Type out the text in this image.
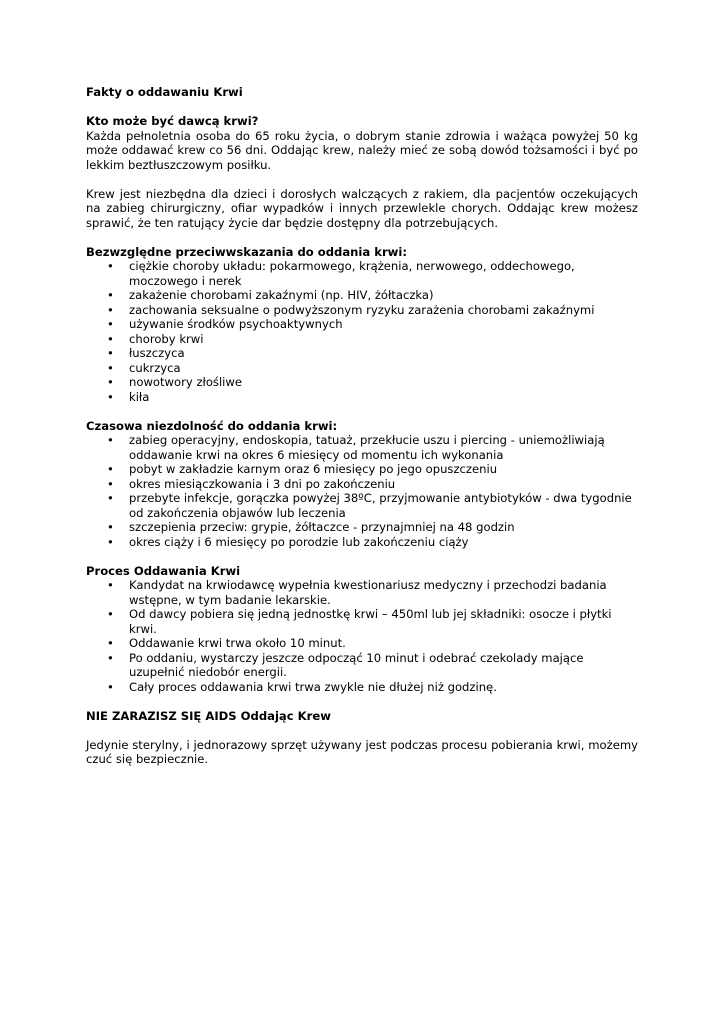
Fakty o oddawaniu Krwi

Kto może być dawcą krwi?

Każda pełnoletnia osoba do 65 roku życia, o dobrym stanie zdrowia i ważąca powyżej 50 kg może oddawać krew co 56 dni. Oddając krew, należy mieć ze sobą dowód tożsamości i być po lekkim beztłuszczowym posiłku.

Krew jest niezbędna dla dzieci i dorosłych walczących z rakiem, dla pacjentów oczekujących na zabieg chirurgiczny, ofiar wypadków i innych przewlekle chorych. Oddając krew możesz sprawić, że ten ratujący życie dar będzie dostępny dla potrzebujących.

Bezwzględne przeciwwskazania do oddania krwi:

• ciężkie choroby układu: pokarmowego, krążenia, nerwowego, oddechowego, moczowego i nerek
• zakażenie chorobami zakaźnymi (np. HIV, żółtaczka)
• zachowania seksualne o podwyższonym ryzyku zarażenia chorobami zakaźnymi
• używanie środków psychoaktywnych
• choroby krwi
• łuszczyca
• cukrzyca
• nowotwory złośliwe
• kiła

Czasowa niezdolność do oddania krwi:

• zabieg operacyjny, endoskopia, tatuaż, przekłucie uszu i piercing - uniemożliwiają oddawanie krwi na okres 6 miesięcy od momentu ich wykonania
• pobyt w zakładzie karnym oraz 6 miesięcy po jego opuszczeniu
• okres miesiączkowania i 3 dni po zakończeniu
• przebyte infekcje, gorączka powyżej 38ºC, przyjmowanie antybiotyków - dwa tygodnie od zakończenia objawów lub leczenia
• szczepienia przeciw: grypie, żółtaczce - przynajmniej na 48 godzin
• okres ciąży i 6 miesięcy po porodzie lub zakończeniu ciąży

Proces Oddawania Krwi

• Kandydat na krwiodawcę wypełnia kwestionariusz medyczny i przechodzi badania wstępne, w tym badanie lekarskie.
• Od dawcy pobiera się jedną jednostkę krwi – 450ml lub jej składniki: osocze i płytki krwi.
• Oddawanie krwi trwa około 10 minut.
• Po oddaniu, wystarczy jeszcze odpocząć 10 minut i odebrać czekolady mające uzupełnić niedobór energii.
• Cały proces oddawania krwi trwa zwykle nie dłużej niż godzinę.

NIE ZARAZISZ SIĘ AIDS Oddając Krew

Jedynie sterylny, i jednorazowy sprzęt używany jest podczas procesu pobierania krwi, możemy czuć się bezpiecznie.
